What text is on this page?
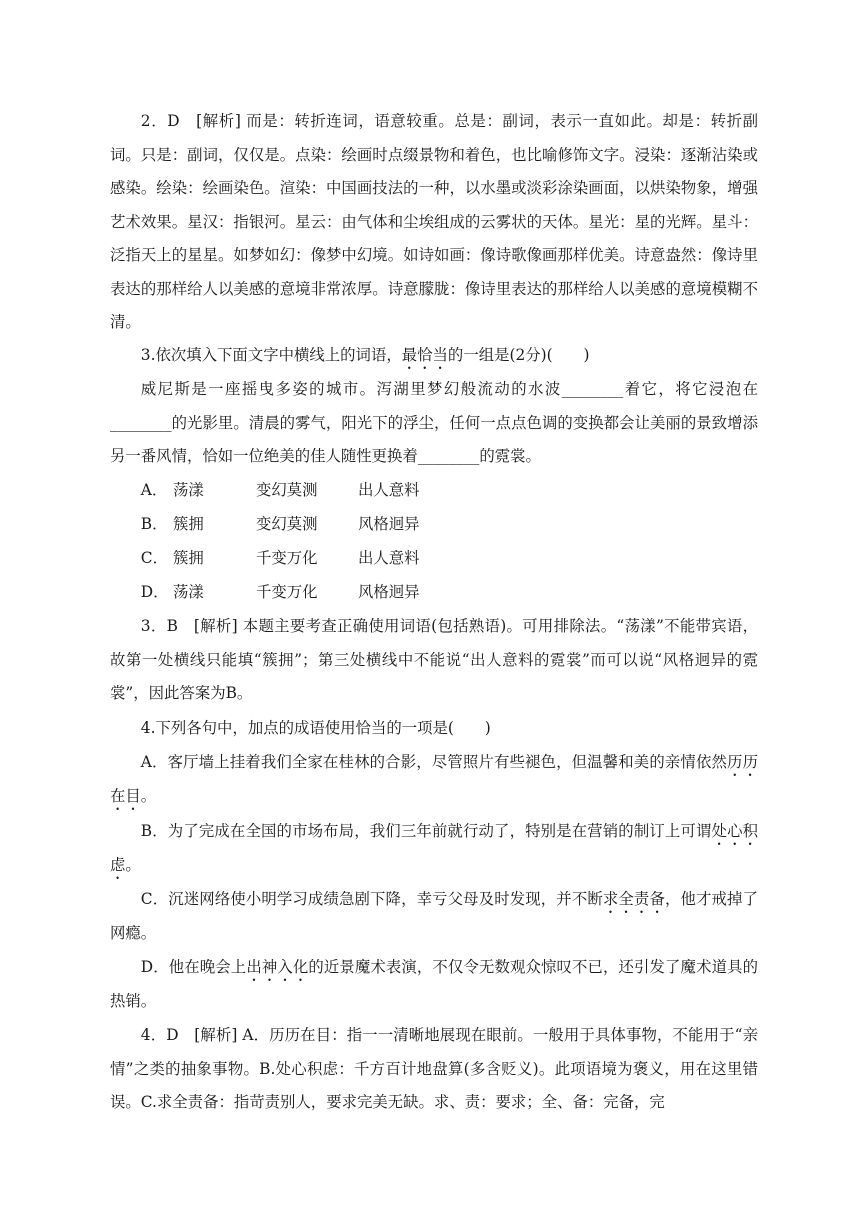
2．D　[解析] 而是：转折连词，语意较重。总是：副词，表示一直如此。却是：转折副词。只是：副词，仅仅是。点染：绘画时点缀景物和着色，也比喻修饰文字。浸染：逐渐沾染或感染。绘染：绘画染色。渲染：中国画技法的一种，以水墨或淡彩涂染画面，以烘染物象，增强艺术效果。星汉：指银河。星云：由气体和尘埃组成的云雾状的天体。星光：星的光辉。星斗：泛指天上的星星。如梦如幻：像梦中幻境。如诗如画：像诗歌像画那样优美。诗意盎然：像诗里表达的那样给人以美感的意境非常浓厚。诗意朦胧：像诗里表达的那样给人以美感的意境模糊不清。

3.依次填入下面文字中横线上的词语，最恰当的一组是(2分)(　　)

威尼斯是一座摇曳多姿的城市。泻湖里梦幻般流动的水波________着它，将它浸泡在________的光影里。清晨的雾气，阳光下的浮尘，任何一点点色调的变换都会让美丽的景致增添另一番风情，恰如一位绝美的佳人随性更换着________的霓裳。

A． 荡漾	变幻莫测	出人意料
B． 簇拥	变幻莫测	风格迥异
C． 簇拥	千变万化	出人意料
D． 荡漾	千变万化	风格迥异

3．B　[解析] 本题主要考查正确使用词语(包括熟语)。可用排除法。“荡漾”不能带宾语，故第一处横线只能填“簇拥”；第三处横线中不能说“出人意料的霓裳”而可以说“风格迥异的霓裳”，因此答案为B。

4.下列各句中，加点的成语使用恰当的一项是(　　)

A．客厅墙上挂着我们全家在桂林的合影，尽管照片有些褪色，但温馨和美的亲情依然历历在目。

B．为了完成在全国的市场布局，我们三年前就行动了，特别是在营销的制订上可谓处心积虑。

C．沉迷网络使小明学习成绩急剧下降，幸亏父母及时发现，并不断求全责备，他才戒掉了网瘾。

D．他在晚会上出神入化的近景魔术表演，不仅令无数观众惊叹不已，还引发了魔术道具的热销。

4．D　[解析] A．历历在目：指一一清晰地展现在眼前。一般用于具体事物，不能用于“亲情”之类的抽象事物。B.处心积虑：千方百计地盘算(多含贬义)。此项语境为褒义，用在这里错误。C.求全责备：指苛责别人，要求完美无缺。求、责：要求；全、备：完备，完
